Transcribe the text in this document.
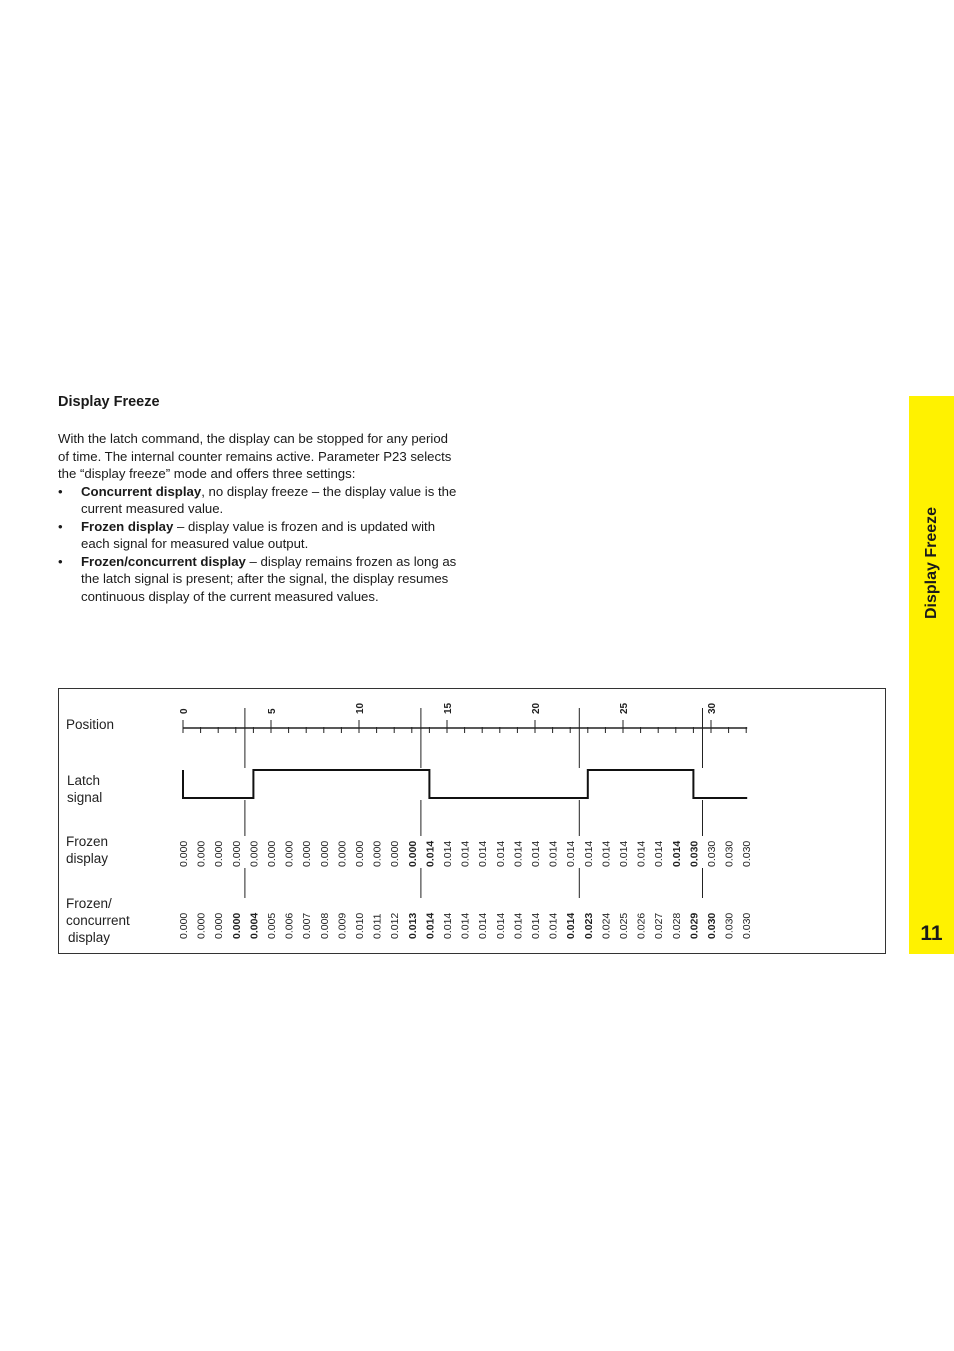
Display Freeze

With the latch command, the display can be stopped for any period of time. The internal counter remains active. Parameter P23 selects the “display freeze” mode and offers three settings:

• Concurrent display, no display freeze – the display value is the current measured value.
• Frozen display – display value is frozen and is updated with each signal for measured value output.
• Frozen/concurrent display – display remains frozen as long as the latch signal is present; after the signal, the display resumes continuous display of the current measured values.	Display Freeze
11
Position
Latch
signal
Frozen
display
Frozen/
concurrent
display
0	5	10	15	20	25	30
0.000 0.000 0.000 0.000 0.000 0.000 0.000 0.000 0.000 0.000 0.000 0.000 0.000 0.000 0.014 0.014 0.014 0.014 0.014 0.014 0.014 0.014 0.014 0.014 0.014 0.014 0.014 0.014 0.014 0.030 0.030 0.030 0.030
0.000 0.000 0.000 0.000 0.004 0.005 0.006 0.007 0.008 0.009 0.010 0.011 0.012 0.013 0.014 0.014 0.014 0.014 0.014 0.014 0.014 0.014 0.014 0.023 0.024 0.025 0.026 0.027 0.028 0.029 0.030 0.030 0.030
